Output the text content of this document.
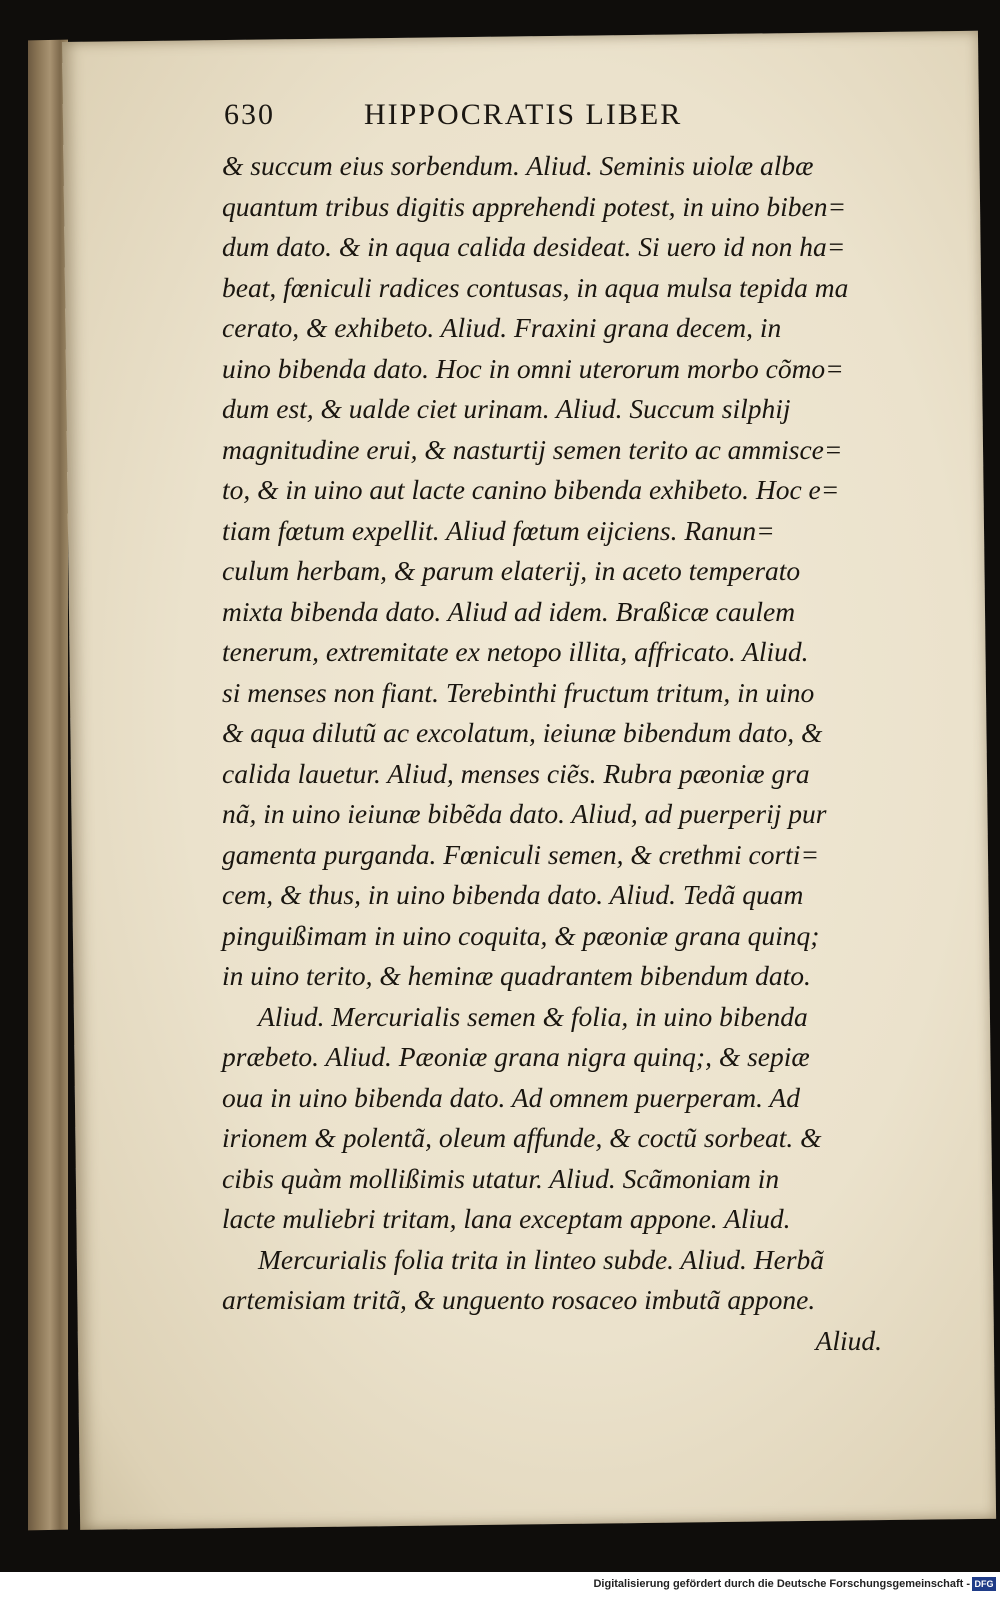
630	HIPPOCRATIS LIBER
& succum eius sorbendum. Aliud. Seminis uiolæ albæ
quantum tribus digitis apprehendi potest, in uino biben=
dum dato. & in aqua calida desideat. Si uero id non ha=
beat, fœniculi radices contusas, in aqua mulsa tepida ma
cerato, & exhibeto. Aliud. Fraxini grana decem, in
uino bibenda dato. Hoc in omni uterorum morbo cõmo=
dum est, & ualde ciet urinam. Aliud. Succum silphij
magnitudine erui, & nasturtij semen terito ac ammisce=
to, & in uino aut lacte canino bibenda exhibeto. Hoc e=
tiam fœtum expellit. Aliud fœtum eijciens. Ranun=
culum herbam, & parum elaterij, in aceto temperato
mixta bibenda dato. Aliud ad idem. Braßicæ caulem
tenerum, extremitate ex netopo illita, affricato. Aliud.
si menses non fiant. Terebinthi fructum tritum, in uino
& aqua dilutũ ac excolatum, ieiunæ bibendum dato, &
calida lauetur. Aliud, menses ciẽs. Rubra pæoniæ gra
nã, in uino ieiunæ bibẽda dato. Aliud, ad puerperij pur
gamenta purganda. Fœniculi semen, & crethmi corti=
cem, & thus, in uino bibenda dato. Aliud. Tedã quam
pinguißimam in uino coquita, & pæoniæ grana quinq;
in uino terito, & heminæ quadrantem bibendum dato.
Aliud. Mercurialis semen & folia, in uino bibenda
præbeto. Aliud. Pæoniæ grana nigra quinq;, & sepiæ
oua in uino bibenda dato. Ad omnem puerperam. Ad
irionem & polentã, oleum affunde, & coctũ sorbeat. &
cibis quàm mollißimis utatur. Aliud. Scãmoniam in
lacte muliebri tritam, lana exceptam appone. Aliud.
Mercurialis folia trita in linteo subde. Aliud. Herbã
artemisiam tritã, & unguento rosaceo imbutã appone.
Aliud.
Digitalisierung gefördert durch die Deutsche Forschungsgemeinschaft - DFG
